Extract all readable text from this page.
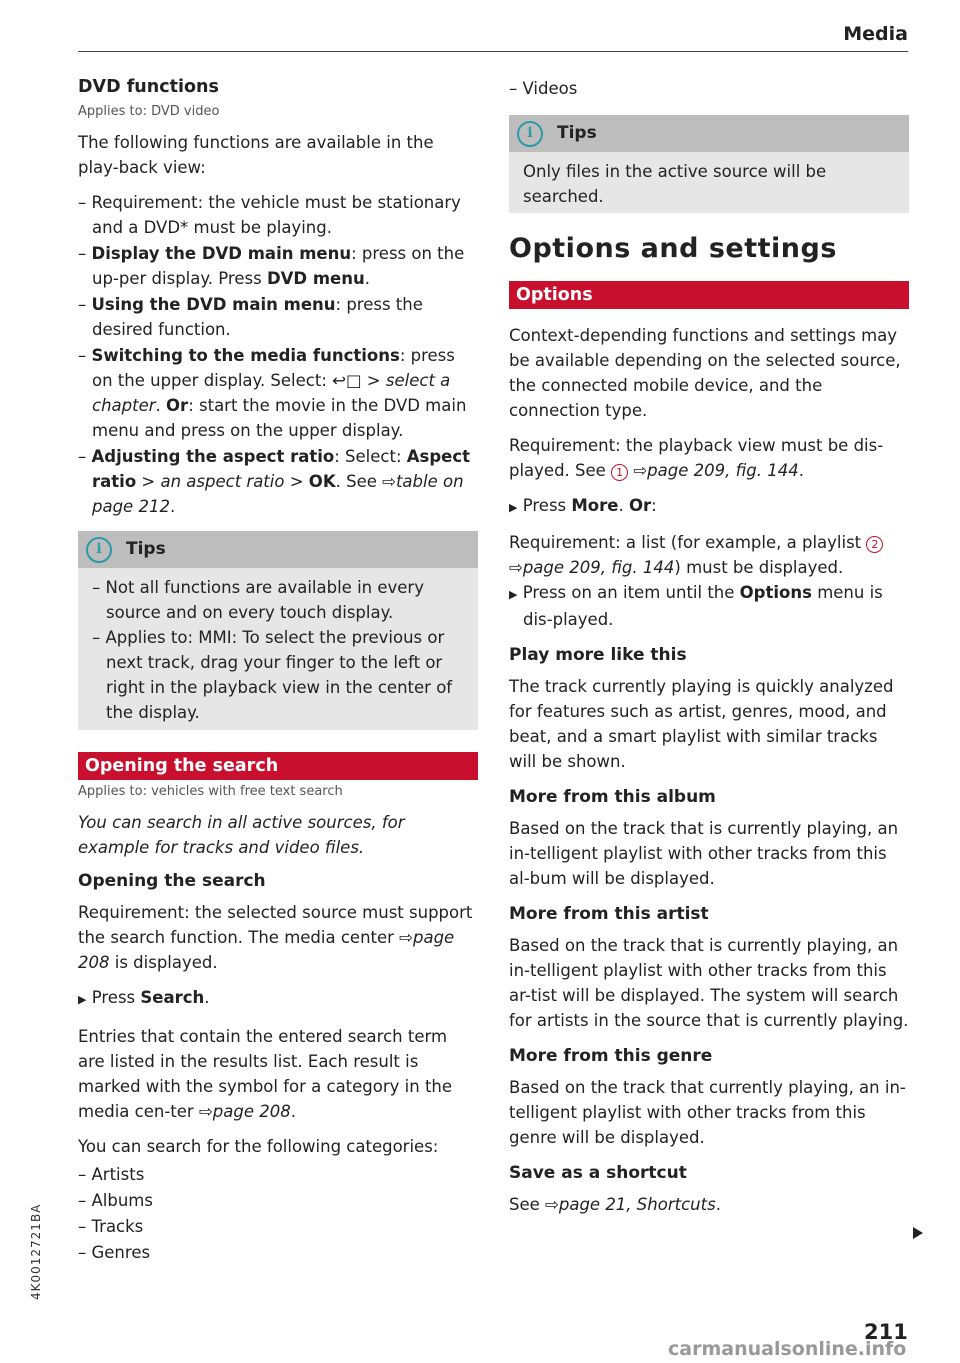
Media
DVD functions
Applies to: DVD video

The following functions are available in the play-back view:

– Requirement: the vehicle must be stationary and a DVD* must be playing.
– Display the DVD main menu: press on the up-per display. Press DVD menu.
– Using the DVD main menu: press the desired function.
– Switching to the media functions: press on the upper display. Select: ↩□ > select a chapter. Or: start the movie in the DVD main menu and press on the upper display.
– Adjusting the aspect ratio: Select: Aspect ratio > an aspect ratio > OK. See ⇨table on page 212.
i	Tips
– Not all functions are available in every source and on every touch display.
– Applies to: MMI: To select the previous or next track, drag your finger to the left or right in the playback view in the center of the display.
Opening the search
Applies to: vehicles with free text search

You can search in all active sources, for example for tracks and video files.

Opening the search

Requirement: the selected source must support the search function. The media center ⇨page 208 is displayed.

▶ Press Search.

Entries that contain the entered search term are listed in the results list. Each result is marked with the symbol for a category in the media cen-ter ⇨page 208.

You can search for the following categories:

– Artists
– Albums
– Tracks
– Genres
– Videos
i	Tips
Only files in the active source will be searched.
Options and settings
Options

Context-depending functions and settings may be available depending on the selected source, the connected mobile device, and the connection type.

Requirement: the playback view must be dis-played. See 1 ⇨page 209, fig. 144.

▶ Press More. Or:

Requirement: a list (for example, a playlist 2
⇨page 209, fig. 144) must be displayed.

▶ Press on an item until the Options menu is dis-played.
Play more like this

The track currently playing is quickly analyzed for features such as artist, genres, mood, and beat, and a smart playlist with similar tracks will be shown.

More from this album

Based on the track that is currently playing, an in-telligent playlist with other tracks from this al-bum will be displayed.

More from this artist

Based on the track that is currently playing, an in-telligent playlist with other tracks from this ar-tist will be displayed. The system will search for artists in the source that is currently playing.

More from this genre

Based on the track that currently playing, an in-telligent playlist with other tracks from this genre will be displayed.

Save as a shortcut

See ⇨page 21, Shortcuts.

211
4K0012721BA
carmanualsonline.info
